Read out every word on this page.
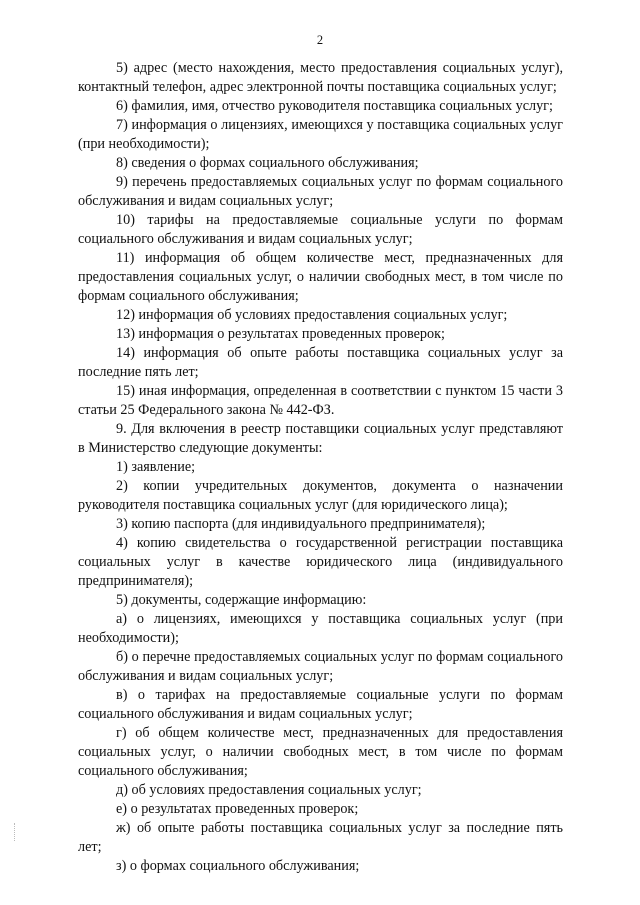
2

5) адрес (место нахождения, место предоставления социальных услуг), контактный телефон, адрес электронной почты поставщика социальных услуг;

6) фамилия, имя, отчество руководителя поставщика социальных услуг;

7) информация о лицензиях, имеющихся у поставщика социальных услуг (при необходимости);

8) сведения о формах социального обслуживания;

9) перечень предоставляемых социальных услуг по формам социального обслуживания и видам социальных услуг;

10) тарифы на предоставляемые социальные услуги по формам социального обслуживания и видам социальных услуг;

11) информация об общем количестве мест, предназначенных для предоставления социальных услуг, о наличии свободных мест, в том числе по формам социального обслуживания;

12) информация об условиях предоставления социальных услуг;

13) информация о результатах проведенных проверок;

14) информация об опыте работы поставщика социальных услуг за последние пять лет;

15) иная информация, определенная в соответствии с пунктом 15 части 3 статьи 25 Федерального закона № 442-ФЗ.

9. Для включения в реестр поставщики социальных услуг представляют в Министерство следующие документы:

1) заявление;

2) копии учредительных документов, документа о назначении руководителя поставщика социальных услуг (для юридического лица);

3) копию паспорта (для индивидуального предпринимателя);

4) копию свидетельства о государственной регистрации поставщика социальных услуг в качестве юридического лица (индивидуального предпринимателя);

5) документы, содержащие информацию:

а) о лицензиях, имеющихся у поставщика социальных услуг (при необходимости);

б) о перечне предоставляемых социальных услуг по формам социального обслуживания и видам социальных услуг;

в) о тарифах на предоставляемые социальные услуги по формам социального обслуживания и видам социальных услуг;

г) об общем количестве мест, предназначенных для предоставления социальных услуг, о наличии свободных мест, в том числе по формам социального обслуживания;

д) об условиях предоставления социальных услуг;

е) о результатах проведенных проверок;

ж) об опыте работы поставщика социальных услуг за последние пять лет;

з) о формах социального обслуживания;
